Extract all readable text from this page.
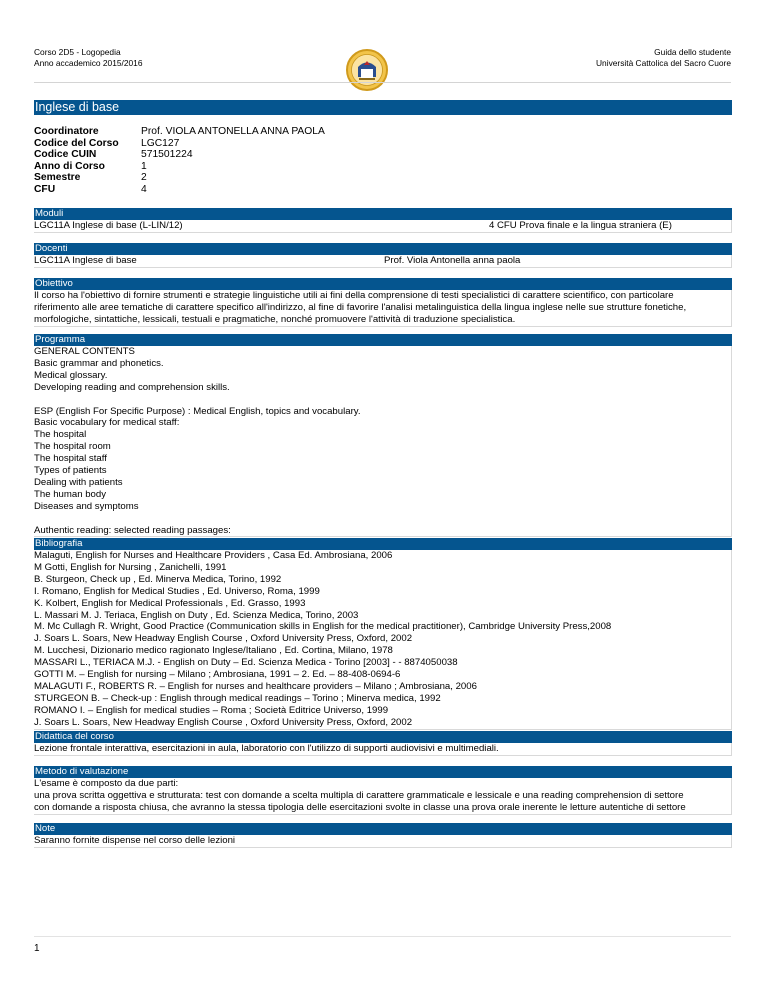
Corso 2D5 - Logopedia
Anno accademico 2015/2016
Guida dello studente
Università Cattolica del Sacro Cuore
Inglese di base
Coordinatore	Prof. VIOLA ANTONELLA ANNA PAOLA
Codice del Corso	LGC127
Codice CUIN	571501224
Anno di Corso	1
Semestre	2
CFU	4
Moduli
LGC11A Inglese di base (L-LIN/12)	4 CFU Prova finale e la lingua straniera (E)
Docenti
LGC11A Inglese di base	Prof. Viola Antonella anna paola
Obiettivo
Il corso ha l'obiettivo di fornire strumenti e strategie linguistiche utili ai fini della comprensione di testi specialistici di carattere scientifico, con particolare
riferimento alle aree tematiche di carattere specifico all'indirizzo, al fine di favorire l'analisi metalinguistica della lingua inglese nelle sue strutture fonetiche,
morfologiche, sintattiche, lessicali, testuali e pragmatiche, nonché promuovere l'attività di traduzione specialistica.
Programma
GENERAL CONTENTS
Basic grammar and phonetics.
Medical glossary.
Developing reading and comprehension skills.
ESP (English For Specific Purpose) : Medical English, topics and vocabulary.
Basic vocabulary for medical staff:
The hospital
The hospital room
The hospital staff
Types of patients
Dealing with patients
The human body
Diseases and symptoms
Authentic reading: selected reading passages:
Bibliografia
Malaguti, English for Nurses and Healthcare Providers , Casa Ed. Ambrosiana, 2006
M Gotti, English for Nursing , Zanichelli, 1991
B. Sturgeon, Check up , Ed. Minerva Medica, Torino, 1992
I. Romano, English for Medical Studies , Ed. Universo, Roma, 1999
K. Kolbert, English for Medical Professionals , Ed. Grasso, 1993
L. Massari M. J. Teriaca, English on Duty , Ed. Scienza Medica, Torino, 2003
M. Mc Cullagh R. Wright, Good Practice (Communication skills in English for the medical practitioner), Cambridge University Press,2008
J. Soars L. Soars, New Headway English Course , Oxford University Press, Oxford, 2002
M. Lucchesi, Dizionario medico ragionato Inglese/Italiano , Ed. Cortina, Milano, 1978
MASSARI L., TERIACA M.J. - English on Duty – Ed. Scienza Medica - Torino [2003] - - 8874050038
GOTTI M. – English for nursing – Milano ; Ambrosiana, 1991 – 2. Ed. – 88-408-0694-6
MALAGUTI F., ROBERTS R. – English for nurses and healthcare providers – Milano ; Ambrosiana, 2006
STURGEON B. – Check-up : English through medical readings – Torino ; Minerva medica, 1992
ROMANO I. – English for medical studies – Roma ; Società Editrice Universo, 1999
J. Soars L. Soars, New Headway English Course , Oxford University Press, Oxford, 2002
Didattica del corso
Lezione frontale interattiva, esercitazioni in aula, laboratorio con l'utilizzo di supporti audiovisivi e multimediali.
Metodo di valutazione
L'esame è composto da due parti:
una prova scritta oggettiva e strutturata: test con domande a scelta multipla di carattere grammaticale e lessicale e una reading comprehension di settore
con domande a risposta chiusa, che avranno la stessa tipologia delle esercitazioni svolte in classe una prova orale inerente le letture autentiche di settore
Note
Saranno fornite dispense nel corso delle lezioni
1
